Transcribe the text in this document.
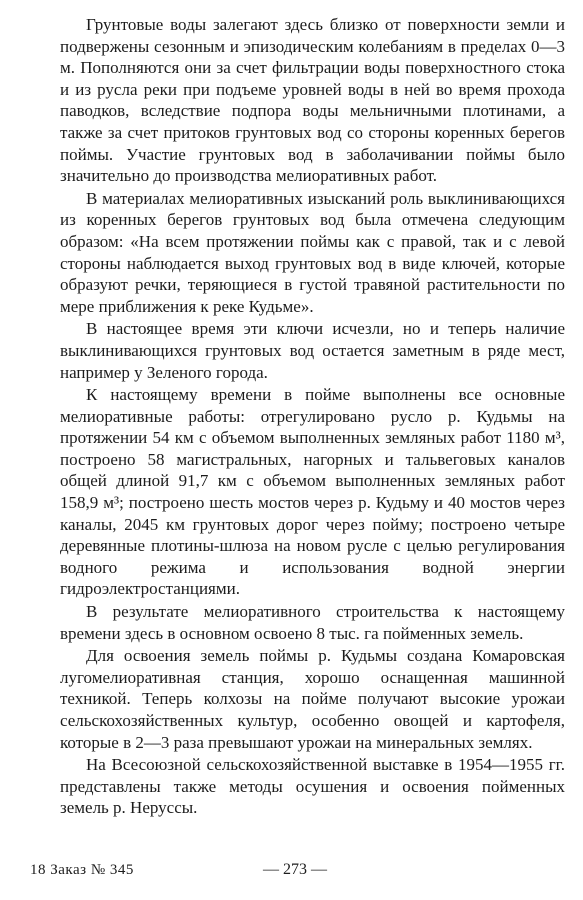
Грунтовые воды залегают здесь близко от поверхности земли и подвержены сезонным и эпизодическим колебаниям в пределах 0—3 м. Пополняются они за счет фильтрации воды поверхностного стока и из русла реки при подъеме уровней воды в ней во время прохода паводков, вследствие подпора воды мельничными плотинами, а также за счет притоков грунтовых вод со стороны коренных берегов поймы. Участие грунтовых вод в заболачивании поймы было значительно до производства мелиоративных работ.

В материалах мелиоративных изысканий роль выклинивающихся из коренных берегов грунтовых вод была отмечена следующим образом: «На всем протяжении поймы как с правой, так и с левой стороны наблюдается выход грунтовых вод в виде ключей, которые образуют речки, теряющиеся в густой травяной растительности по мере приближения к реке Кудьме».

В настоящее время эти ключи исчезли, но и теперь наличие выклинивающихся грунтовых вод остается заметным в ряде мест, например у Зеленого города.

К настоящему времени в пойме выполнены все основные мелиоративные работы: отрегулировано русло р. Кудьмы на протяжении 54 км с объемом выполненных земляных работ 1180 м³, построено 58 магистральных, нагорных и тальвеговых каналов общей длиной 91,7 км с объемом выполненных земляных работ 158,9 м³; построено шесть мостов через р. Кудьму и 40 мостов через каналы, 2045 км грунтовых дорог через пойму; построено четыре деревянные плотины-шлюза на новом русле с целью регулирования водного режима и использования водной энергии гидроэлектростанциями.

В результате мелиоративного строительства к настоящему времени здесь в основном освоено 8 тыс. га пойменных земель.

Для освоения земель поймы р. Кудьмы создана Комаровская лугомелиоративная станция, хорошо оснащенная машинной техникой. Теперь колхозы на пойме получают высокие урожаи сельскохозяйственных культур, особенно овощей и картофеля, которые в 2—3 раза превышают урожаи на минеральных землях.

На Всесоюзной сельскохозяйственной выставке в 1954—1955 гг. представлены также методы осушения и освоения пойменных земель р. Нерусcы.

18 Заказ № 345	— 273 —
